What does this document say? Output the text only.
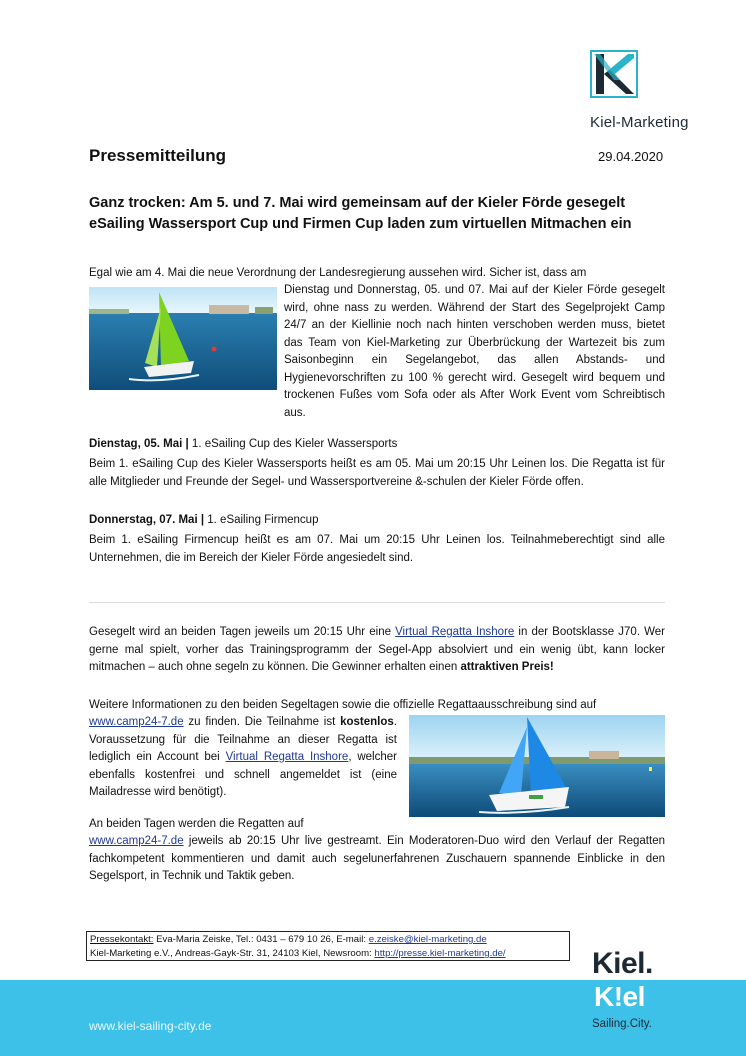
Kiel-Marketing
Pressemitteilung	29.04.2020
Ganz trocken: Am 5. und 7. Mai wird gemeinsam auf der Kieler Förde gesegelt
eSailing Wassersport Cup und Firmen Cup laden zum virtuellen Mitmachen ein
Egal wie am 4. Mai die neue Verordnung der Landesregierung aussehen wird. Sicher ist, dass am
Dienstag und Donnerstag, 05. und 07. Mai auf der Kieler Förde gesegelt wird, ohne nass zu werden. Während der Start des Segelprojekt Camp 24/7 an der Kiellinie noch nach hinten verschoben werden muss, bietet das Team von Kiel-Marketing zur Überbrückung der Wartezeit bis zum Saisonbeginn ein Segelangebot, das allen Abstands- und Hygienevorschriften zu 100 % gerecht wird. Gesegelt wird bequem und trockenen Fußes vom Sofa oder als After Work Event vom Schreibtisch aus.
Dienstag, 05. Mai | 1. eSailing Cup des Kieler Wassersports
Beim 1. eSailing Cup des Kieler Wassersports heißt es am 05. Mai um 20:15 Uhr Leinen los. Die Regatta ist für alle Mitglieder und Freunde der Segel- und Wassersportvereine &-schulen der Kieler Förde offen.
Donnerstag, 07. Mai | 1. eSailing Firmencup
Beim 1. eSailing Firmencup heißt es am 07. Mai um 20:15 Uhr Leinen los. Teilnahmeberechtigt sind alle Unternehmen, die im Bereich der Kieler Förde angesiedelt sind.
Gesegelt wird an beiden Tagen jeweils um 20:15 Uhr eine Virtual Regatta Inshore in der Bootsklasse J70. Wer gerne mal spielt, vorher das Trainingsprogramm der Segel-App absolviert und ein wenig übt, kann locker mitmachen – auch ohne segeln zu können. Die Gewinner erhalten einen attraktiven Preis!
Weitere Informationen zu den beiden Segeltagen sowie die offizielle Regattaausschreibung sind auf
www.camp24-7.de zu finden. Die Teilnahme ist kostenlos. Voraussetzung für die Teilnahme an dieser Regatta ist lediglich ein Account bei Virtual Regatta Inshore, welcher ebenfalls kostenfrei und schnell angemeldet ist (eine Mailadresse wird benötigt).
An beiden Tagen werden die Regatten auf
www.camp24-7.de jeweils ab 20:15 Uhr live gestreamt. Ein Moderatoren-Duo wird den Verlauf der Regatten fachkompetent kommentieren und damit auch segelunerfahrenen Zuschauern spannende Einblicke in den Segelsport, in Technik und Taktik geben.
Pressekontakt: Eva-Maria Zeiske, Tel.: 0431 – 679 10 26, E-mail: e.zeiske@kiel-marketing.de
Kiel-Marketing e.V., Andreas-Gayk-Str. 31, 24103 Kiel, Newsroom: http://presse.kiel-marketing.de/
www.kiel-sailing-city.de
Kiel.
K!el
Sailing.City.
